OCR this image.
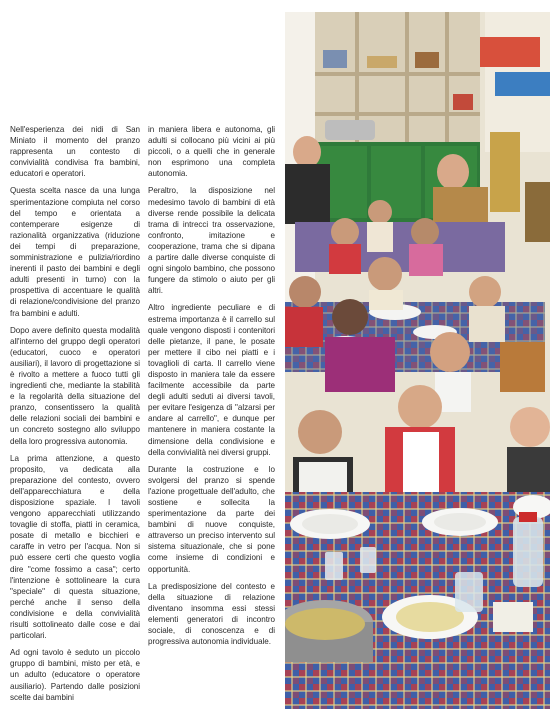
Nell'esperienza dei nidi di San Miniato il momento del pranzo rappresenta un contesto di convivialità condivisa fra bambini, educatori e operatori.

Questa scelta nasce da una lunga sperimentazione compiuta nel corso del tempo e orientata a contemperare esigenze di razionalità organizzativa (riduzione dei tempi di preparazione, somministrazione e pulizia/riordino inerenti il pasto dei bambini e degli adulti presenti in turno) con la prospettiva di accentuare le qualità di relazione/condivisione del pranzo fra bambini e adulti.

Dopo avere definito questa modalità all'interno del gruppo degli operatori (educatori, cuoco e operatori ausiliari), il lavoro di progettazione si è rivolto a mettere a fuoco tutti gli ingredienti che, mediante la stabilità e la regolarità della situazione del pranzo, consentissero la qualità delle relazioni sociali dei bambini e un concreto sostegno allo sviluppo della loro progressiva autonomia.

La prima attenzione, a questo proposito, va dedicata alla preparazione del contesto, ovvero dell'apparecchiatura e della disposizione spaziale. I tavoli vengono apparecchiati utilizzando tovaglie di stoffa, piatti in ceramica, posate di metallo e bicchieri e caraffe in vetro per l'acqua. Non si può essere certi che questo voglia dire "come fossimo a casa"; certo l'intenzione è sottolineare la cura "speciale" di questa situazione, perché anche il senso della condivisione e della convivialità risulti sottolineato dalle cose e dai particolari.

Ad ogni tavolo è seduto un piccolo gruppo di bambini, misto per età, e un adulto (educatore o operatore ausiliario). Partendo dalle posizioni scelte dai bambini

in maniera libera e autonoma, gli adulti si collocano più vicini ai più piccoli, o a quelli che in generale non esprimono una completa autonomia.

Peraltro, la disposizione nel medesimo tavolo di bambini di età diverse rende possibile la delicata trama di intrecci tra osservazione, confronto, imitazione e cooperazione, trama che si dipana a partire dalle diverse conquiste di ogni singolo bambino, che possono fungere da stimolo o aiuto per gli altri.

Altro ingrediente peculiare e di estrema importanza è il carrello sul quale vengono disposti i contenitori delle pietanze, il pane, le posate per mettere il cibo nei piatti e i tovaglioli di carta. Il carrello viene disposto in maniera tale da essere facilmente accessibile da parte degli adulti seduti ai diversi tavoli, per evitare l'esigenza di "alzarsi per andare al carrello", e dunque per mantenere in maniera costante la dimensione della condivisione e della convivialità nei diversi gruppi.

Durante la costruzione e lo svolgersi del pranzo si spende l'azione progettuale dell'adulto, che sostiene e sollecita la sperimentazione da parte dei bambini di nuove conquiste, attraverso un preciso intervento sul sistema situazionale, che si pone come insieme di condizioni e opportunità.

La predisposizione del contesto e della situazione di relazione diventano insomma essi stessi elementi generatori di incontro sociale, di conoscenza e di progressiva autonomia individuale.
